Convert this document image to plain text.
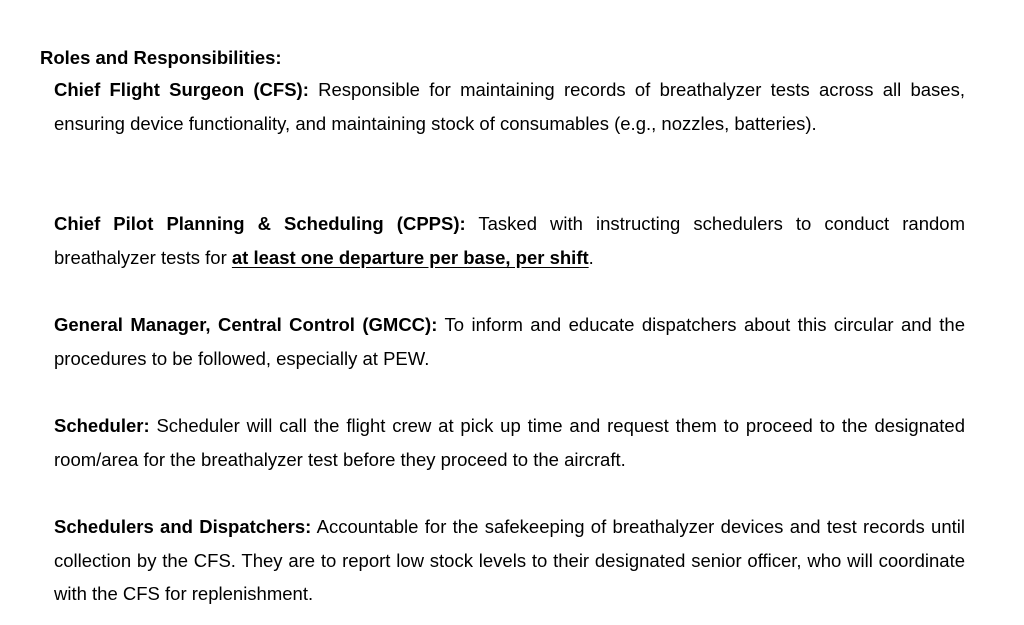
Roles and Responsibilities:

Chief Flight Surgeon (CFS): Responsible for maintaining records of breathalyzer tests across all bases, ensuring device functionality, and maintaining stock of consumables (e.g., nozzles, batteries).

Chief Pilot Planning & Scheduling (CPPS): Tasked with instructing schedulers to conduct random breathalyzer tests for at least one departure per base, per shift.

General Manager, Central Control (GMCC): To inform and educate dispatchers about this circular and the procedures to be followed, especially at PEW.

Scheduler: Scheduler will call the flight crew at pick up time and request them to proceed to the designated room/area for the breathalyzer test before they proceed to the aircraft.

Schedulers and Dispatchers: Accountable for the safekeeping of breathalyzer devices and test records until collection by the CFS. They are to report low stock levels to their designated senior officer, who will coordinate with the CFS for replenishment.
